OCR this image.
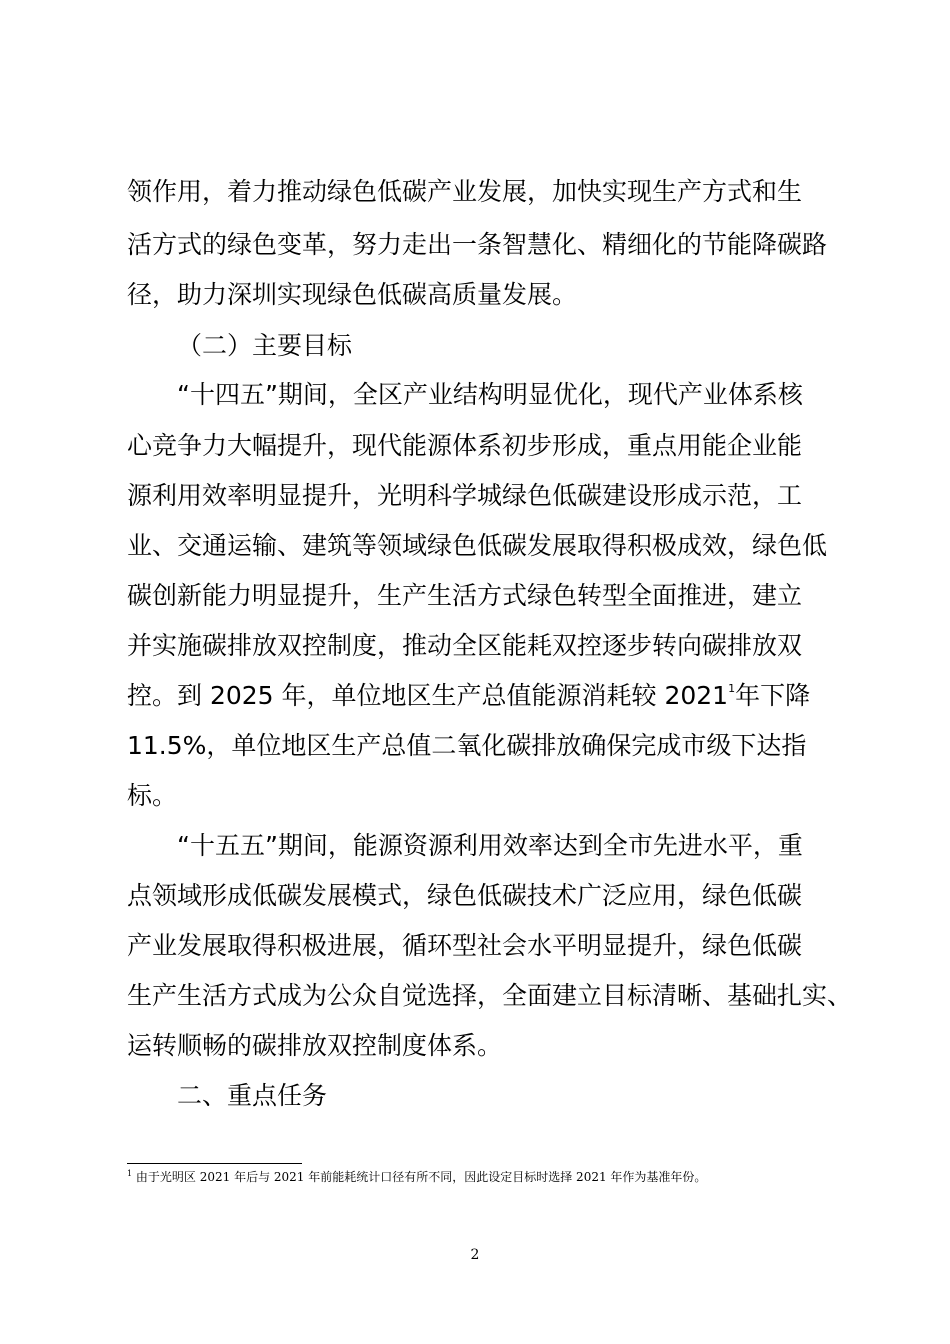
领作用，着力推动绿色低碳产业发展，加快实现生产方式和生
活方式的绿色变革，努力走出一条智慧化、精细化的节能降碳路
径，助力深圳实现绿色低碳高质量发展。
（二）主要目标
“十四五”期间，全区产业结构明显优化，现代产业体系核
心竞争力大幅提升，现代能源体系初步形成，重点用能企业能
源利用效率明显提升，光明科学城绿色低碳建设形成示范，工
业、交通运输、建筑等领域绿色低碳发展取得积极成效，绿色低
碳创新能力明显提升，生产生活方式绿色转型全面推进，建立
并实施碳排放双控制度，推动全区能耗双控逐步转向碳排放双
控。到 2025 年，单位地区生产总值能源消耗较 2021$^1$年下降
11.5%，单位地区生产总值二氧化碳排放确保完成市级下达指
标。
“十五五”期间，能源资源利用效率达到全市先进水平，重
点领域形成低碳发展模式，绿色低碳技术广泛应用，绿色低碳
产业发展取得积极进展，循环型社会水平明显提升，绿色低碳
生产生活方式成为公众自觉选择，全面建立目标清晰、基础扎实、
运转顺畅的碳排放双控制度体系。
二、重点任务
$^1$ 由于光明区 2021 年后与 2021 年前能耗统计口径有所不同，因此设定目标时选择 2021 年作为基准年份。
2
